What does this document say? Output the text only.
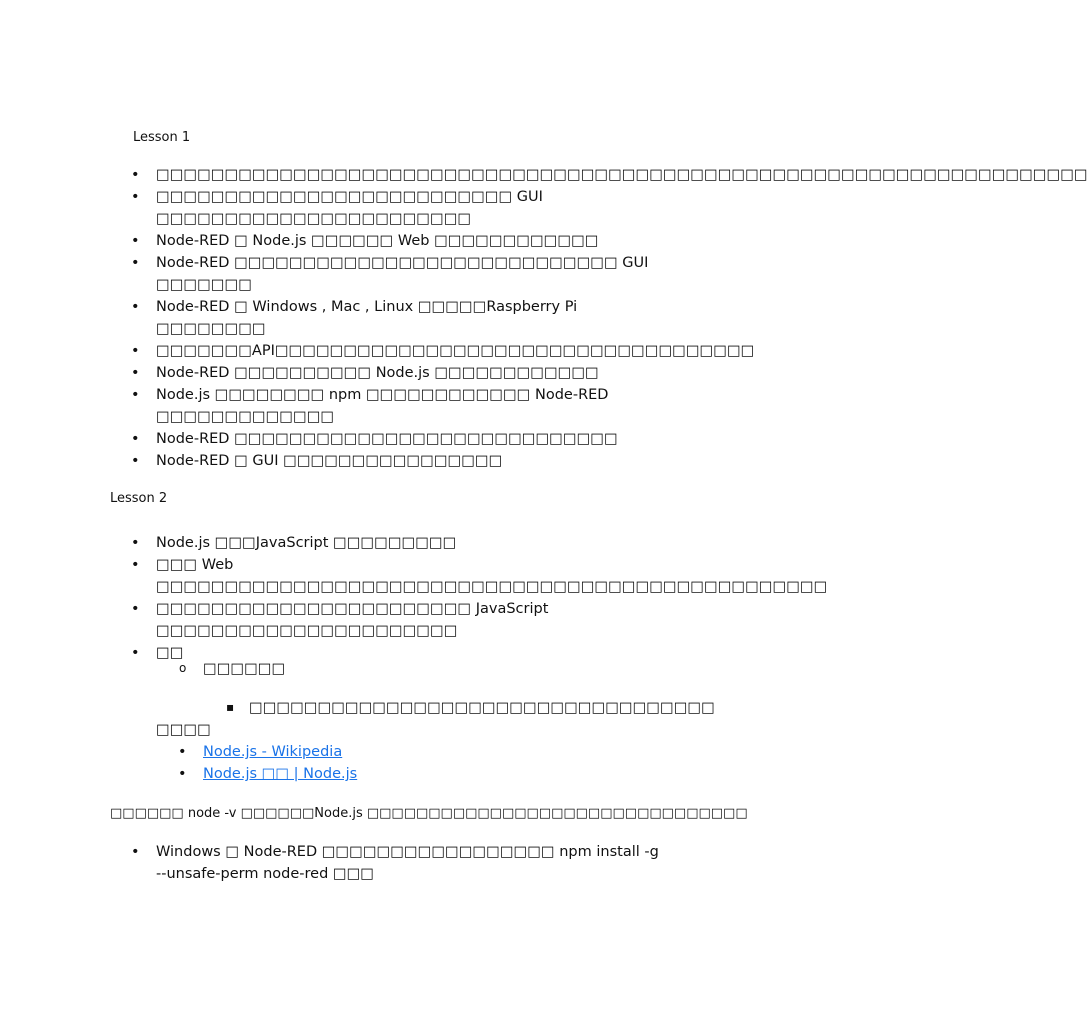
Lesson 1
• □□□□□□□□□□□□□□□□□□□□□□□□□□□□□□□□□□□□□□□□□□□□□□□□□□□□□□□□□□□□□□□□□□□□
• □□□□□□□□□□□□□□□□□□□□□□□□□□ GUI □□□□□□□□□□□□□□□□□□□□□□□
• Node-RED □ Node.js □□□□□□ Web □□□□□□□□□□□□
• Node-RED □□□□□□□□□□□□□□□□□□□□□□□□□□□□ GUI □□□□□□□
• Node-RED □ Windows , Mac , Linux □□□□□Raspberry Pi □□□□□□□□
• □□□□□□□API□□□□□□□□□□□□□□□□□□□□□□□□□□□□□□□□□□□
• Node-RED □□□□□□□□□□ Node.js □□□□□□□□□□□□
• Node.js □□□□□□□□ npm □□□□□□□□□□□□ Node-RED □□□□□□□□□□□□□
• Node-RED □□□□□□□□□□□□□□□□□□□□□□□□□□□□
• Node-RED □ GUI □□□□□□□□□□□□□□□□
Lesson 2
• Node.js □□□JavaScript □□□□□□□□□
• □□□ Web □□□□□□□□□□□□□□□□□□□□□□□□□□□□□□□□□□□□□□□□□□□□□□□□□
• □□□□□□□□□□□□□□□□□□□□□□□ JavaScript □□□□□□□□□□□□□□□□□□□□□□
• □□
o □□□□□□
▪ □□□□□□□□□□□□□□□□□□□□□□□□□□□□□□□□□□
□□□□
• Node.js - Wikipedia
• Node.js □□ | Node.js
□□□□□□ node -v □□□□□□Node.js □□□□□□□□□□□□□□□□□□□□□□□□□□□□□□□
• Windows □ Node-RED □□□□□□□□□□□□□□□□□ npm install -g --unsafe-perm node-red □□□
